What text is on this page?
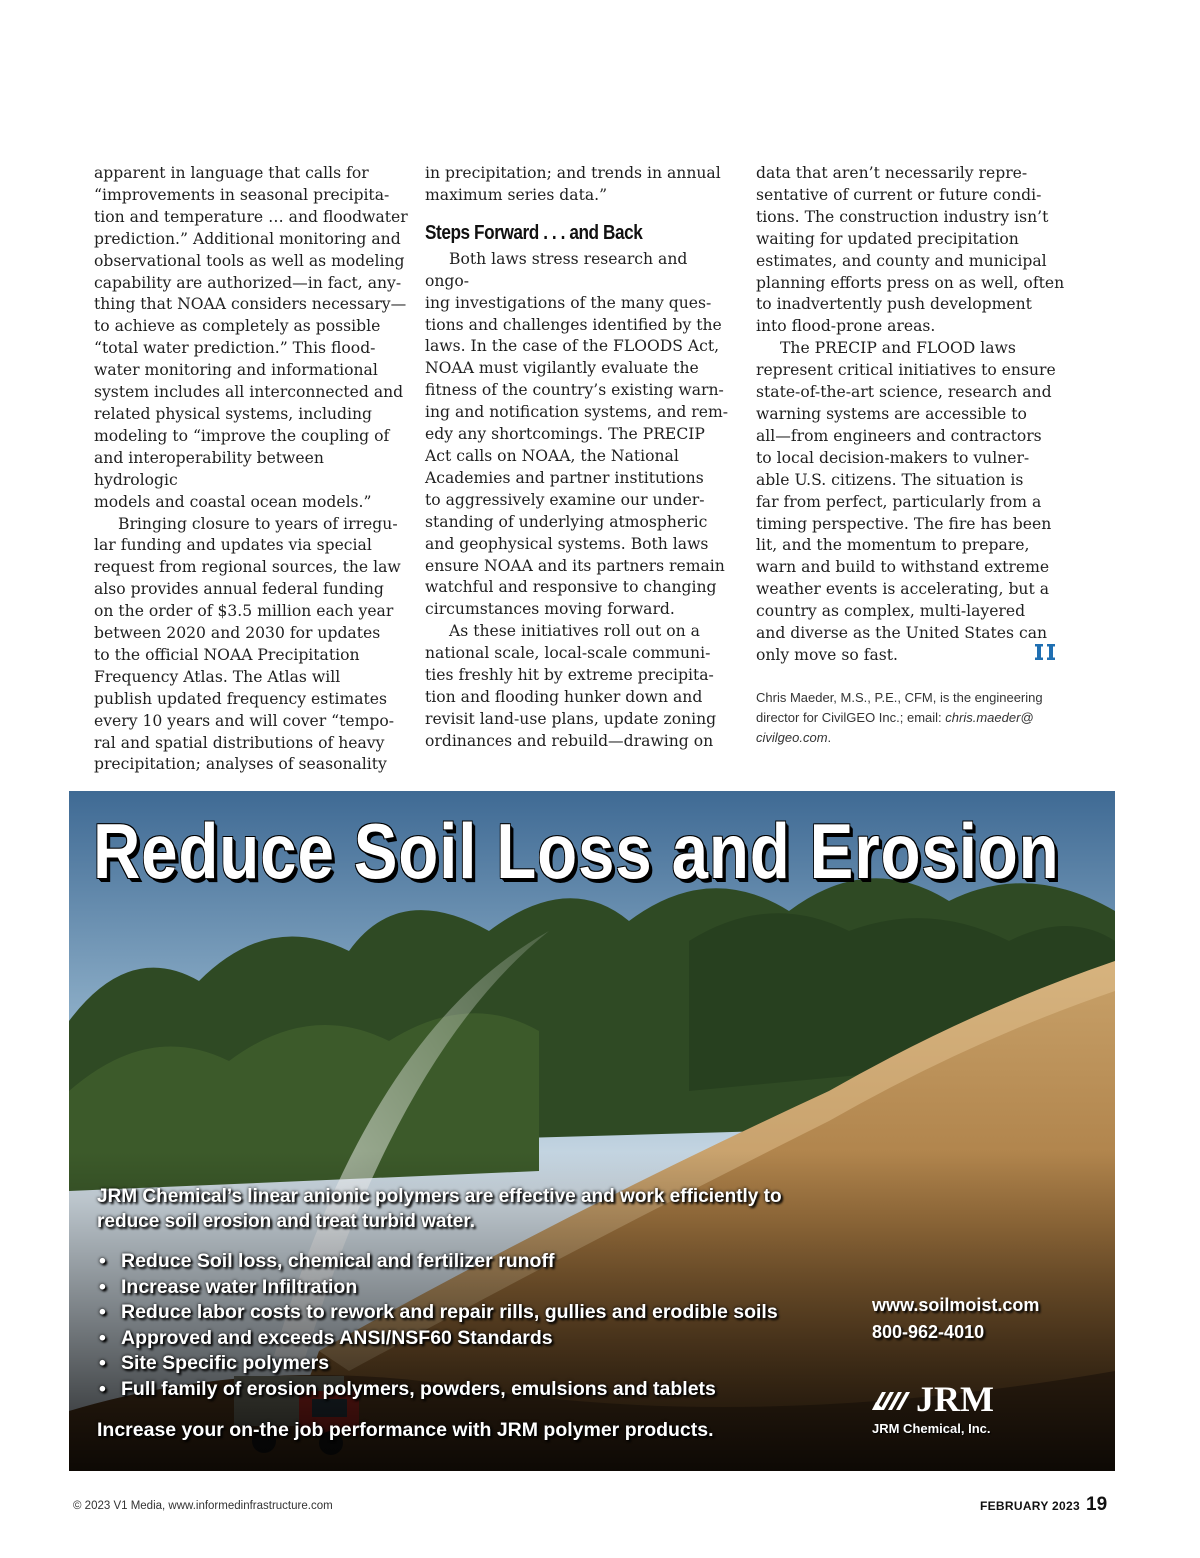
apparent in language that calls for
“improvements in seasonal precipita-
tion and temperature … and floodwater
prediction.” Additional monitoring and
observational tools as well as modeling
capability are authorized—in fact, any-
thing that NOAA considers necessary—
to achieve as completely as possible
“total water prediction.” This flood-
water monitoring and informational
system includes all interconnected and
related physical systems, including
modeling to “improve the coupling of
and interoperability between hydrologic
models and coastal ocean models.”

Bringing closure to years of irregu-
lar funding and updates via special
request from regional sources, the law
also provides annual federal funding
on the order of $3.5 million each year
between 2020 and 2030 for updates
to the official NOAA Precipitation
Frequency Atlas. The Atlas will
publish updated frequency estimates
every 10 years and will cover “tempo-
ral and spatial distributions of heavy
precipitation; analyses of seasonality

in precipitation; and trends in annual
maximum series data.”

Steps Forward . . . and Back

Both laws stress research and ongo-
ing investigations of the many ques-
tions and challenges identified by the
laws. In the case of the FLOODS Act,
NOAA must vigilantly evaluate the
fitness of the country’s existing warn-
ing and notification systems, and rem-
edy any shortcomings. The PRECIP
Act calls on NOAA, the National
Academies and partner institutions
to aggressively examine our under-
standing of underlying atmospheric
and geophysical systems. Both laws
ensure NOAA and its partners remain
watchful and responsive to changing
circumstances moving forward.

As these initiatives roll out on a
national scale, local-scale communi-
ties freshly hit by extreme precipita-
tion and flooding hunker down and
revisit land-use plans, update zoning
ordinances and rebuild—drawing on

data that aren’t necessarily repre-
sentative of current or future condi-
tions. The construction industry isn’t
waiting for updated precipitation
estimates, and county and municipal
planning efforts press on as well, often
to inadvertently push development
into flood-prone areas.

The PRECIP and FLOOD laws
represent critical initiatives to ensure
state-of-the-art science, research and
warning systems are accessible to
all—from engineers and contractors
to local decision-makers to vulner-
able U.S. citizens. The situation is
far from perfect, particularly from a
timing perspective. The fire has been
lit, and the momentum to prepare,
warn and build to withstand extreme
weather events is accelerating, but a
country as complex, multi-layered
and diverse as the United States can
only move so fast.

Chris Maeder, M.S., P.E., CFM, is the engineering director for CivilGEO Inc.; email: chris.maeder@​civilgeo.com.
Reduce Soil Loss and Erosion
JRM Chemical’s linear anionic polymers are effective and work efficiently to reduce soil erosion and treat turbid water.
• Reduce Soil loss, chemical and fertilizer runoff
• Increase water Infiltration
• Reduce labor costs to rework and repair rills, gullies and erodible soils
• Approved and exceeds ANSI/NSF60 Standards
• Site Specific polymers
• Full family of erosion polymers, powders, emulsions and tablets
Increase your on-the job performance with JRM polymer products.
www.soilmoist.com
800-962-4010
JRM
JRM Chemical, Inc.
© 2023 V1 Media, www.informedinfrastructure.com	FEBRUARY 2023 19
